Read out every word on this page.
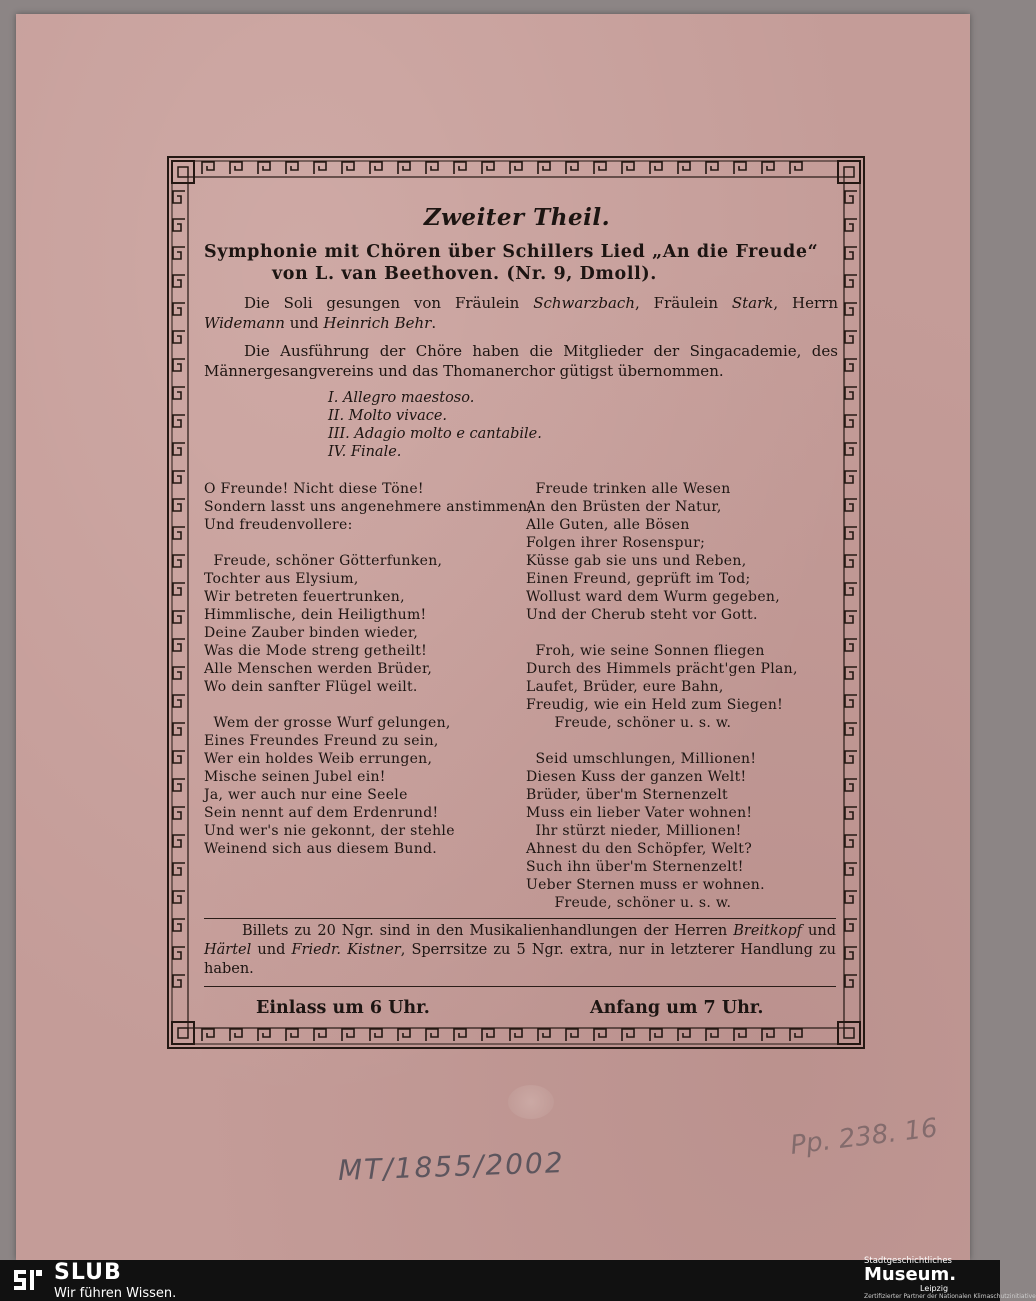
Zweiter Theil.
Symphonie mit Chören über Schillers Lied „An die Freude“
von L. van Beethoven. (Nr. 9, Dmoll).
Die Soli gesungen von Fräulein Schwarzbach, Fräulein Stark, Herrn Widemann und Heinrich Behr.
Die Ausführung der Chöre haben die Mitglieder der Singacademie, des Männergesangvereins und das Thomanerchor gütigst übernommen.
I. Allegro maestoso.
II. Molto vivace.
III. Adagio molto e cantabile.
IV. Finale.
O Freunde! Nicht diese Töne!
Sondern lasst uns angenehmere anstimmen,
Und freudenvollere:

Freude, schöner Götterfunken,
Tochter aus Elysium,
Wir betreten feuertrunken,
Himmlische, dein Heiligthum!
Deine Zauber binden wieder,
Was die Mode streng getheilt!
Alle Menschen werden Brüder,
Wo dein sanfter Flügel weilt.

Wem der grosse Wurf gelungen,
Eines Freundes Freund zu sein,
Wer ein holdes Weib errungen,
Mische seinen Jubel ein!
Ja, wer auch nur eine Seele
Sein nennt auf dem Erdenrund!
Und wer's nie gekonnt, der stehle
Weinend sich aus diesem Bund.
Freude trinken alle Wesen
An den Brüsten der Natur,
Alle Guten, alle Bösen
Folgen ihrer Rosenspur;
Küsse gab sie uns und Reben,
Einen Freund, geprüft im Tod;
Wollust ward dem Wurm gegeben,
Und der Cherub steht vor Gott.

Froh, wie seine Sonnen fliegen
Durch des Himmels prächt'gen Plan,
Laufet, Brüder, eure Bahn,
Freudig, wie ein Held zum Siegen!
Freude, schöner u. s. w.

Seid umschlungen, Millionen!
Diesen Kuss der ganzen Welt!
Brüder, über'm Sternenzelt
Muss ein lieber Vater wohnen!
Ihr stürzt nieder, Millionen!
Ahnest du den Schöpfer, Welt?
Such ihn über'm Sternenzelt!
Ueber Sternen muss er wohnen.
Freude, schöner u. s. w.
Billets zu 20 Ngr. sind in den Musikalienhandlungen der Herren Breitkopf und Härtel und Friedr. Kistner, Sperrsitze zu 5 Ngr. extra, nur in letzterer Handlung zu haben.
Einlass um 6 Uhr.	Anfang um 7 Uhr.
MT/1855/2002
Pp. 238. 16
SLUB
Wir führen Wissen.
Stadtgeschichtliches
Museum.
Leipzig
Zertifizierter Partner der Nationalen Klimaschutzinitiative
